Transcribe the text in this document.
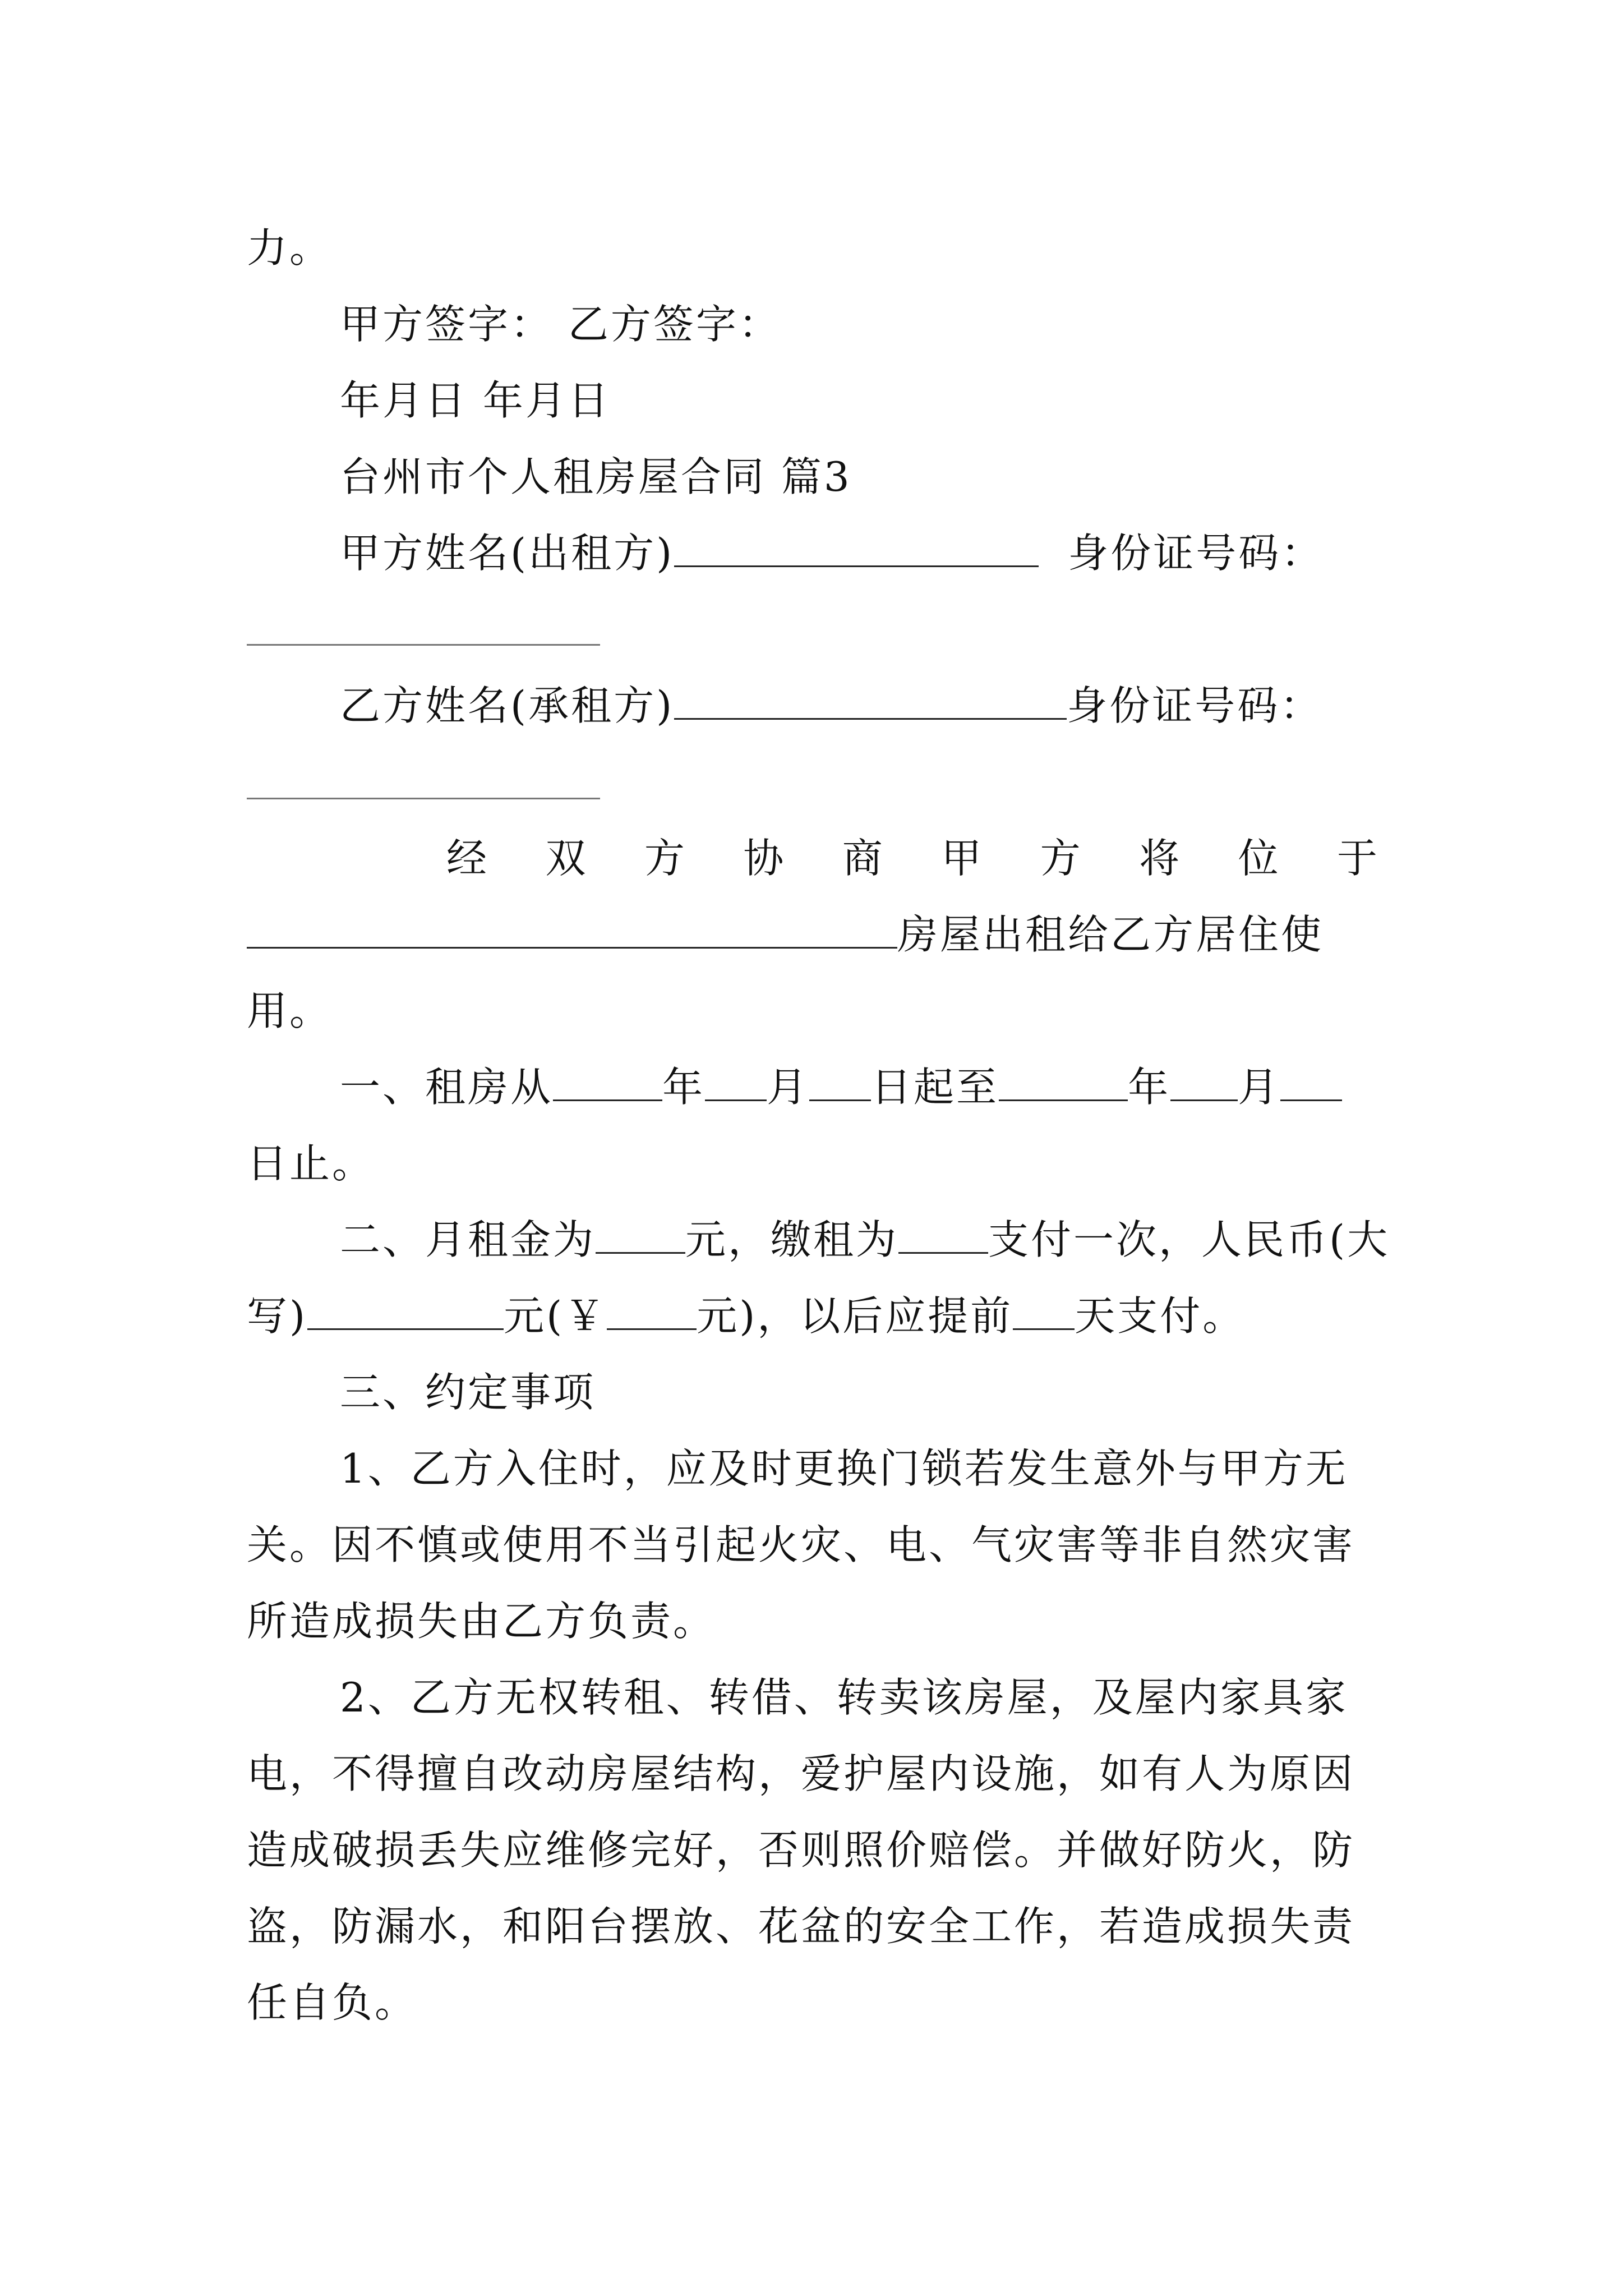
力。
甲方签字： 乙方签字：
年月日 年月日
台州市个人租房屋合同 篇3
甲方姓名(出租方)	身份证号码：
乙方姓名(承租方)	身份证号码：
经 双 方 协 商 甲 方 将 位 于
房屋出租给乙方居住使
用。
一、租房从	年 月 日起至	年 月
日止。
二、月租金为 元，缴租为 支付一次，人民币(大
写)	元(￥ 元)，以后应提前 天支付。
三、约定事项
1、乙方入住时，应及时更换门锁若发生意外与甲方无
关。因不慎或使用不当引起火灾、电、气灾害等非自然灾害
所造成损失由乙方负责。
2、乙方无权转租、转借、转卖该房屋，及屋内家具家
电，不得擅自改动房屋结构，爱护屋内设施，如有人为原因
造成破损丢失应维修完好，否则照价赔偿。并做好防火，防
盗，防漏水，和阳台摆放、花盆的安全工作，若造成损失责
任自负。
